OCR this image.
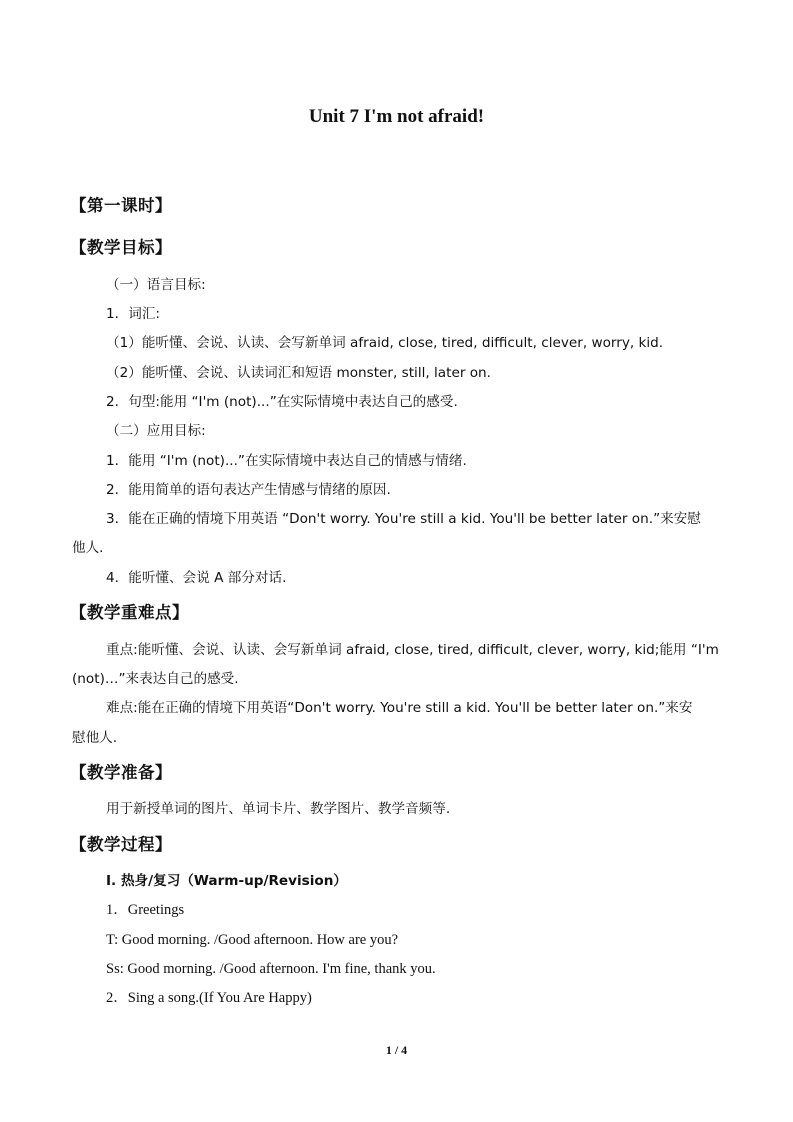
Unit 7 I'm not afraid!
【第一课时】
【教学目标】
（一）语言目标:
1．词汇:
（1）能听懂、会说、认读、会写新单词 afraid, close, tired, difficult, clever, worry, kid.
（2）能听懂、会说、认读词汇和短语 monster, still, later on.
2．句型:能用 “I'm (not)...”在实际情境中表达自己的感受.
（二）应用目标:
1．能用 “I'm (not)...”在实际情境中表达自己的情感与情绪.
2．能用简单的语句表达产生情感与情绪的原因.
3．能在正确的情境下用英语 “Don't worry. You're still a kid. You'll be better later on.”来安慰
他人.
4．能听懂、会说 A 部分对话.
【教学重难点】
重点:能听懂、会说、认读、会写新单词 afraid, close, tired, difficult, clever, worry, kid;能用 “I'm
(not)…”来表达自己的感受.
难点:能在正确的情境下用英语“Don't worry. You're still a kid. You'll be better later on.”来安
慰他人.
【教学准备】
用于新授单词的图片、单词卡片、教学图片、教学音频等.
【教学过程】
I. 热身/复习（Warm-up/Revision）
1．Greetings
T: Good morning. /Good afternoon. How are you?
Ss: Good morning. /Good afternoon. I'm fine, thank you.
2．Sing a song.(If You Are Happy)
1 / 4
